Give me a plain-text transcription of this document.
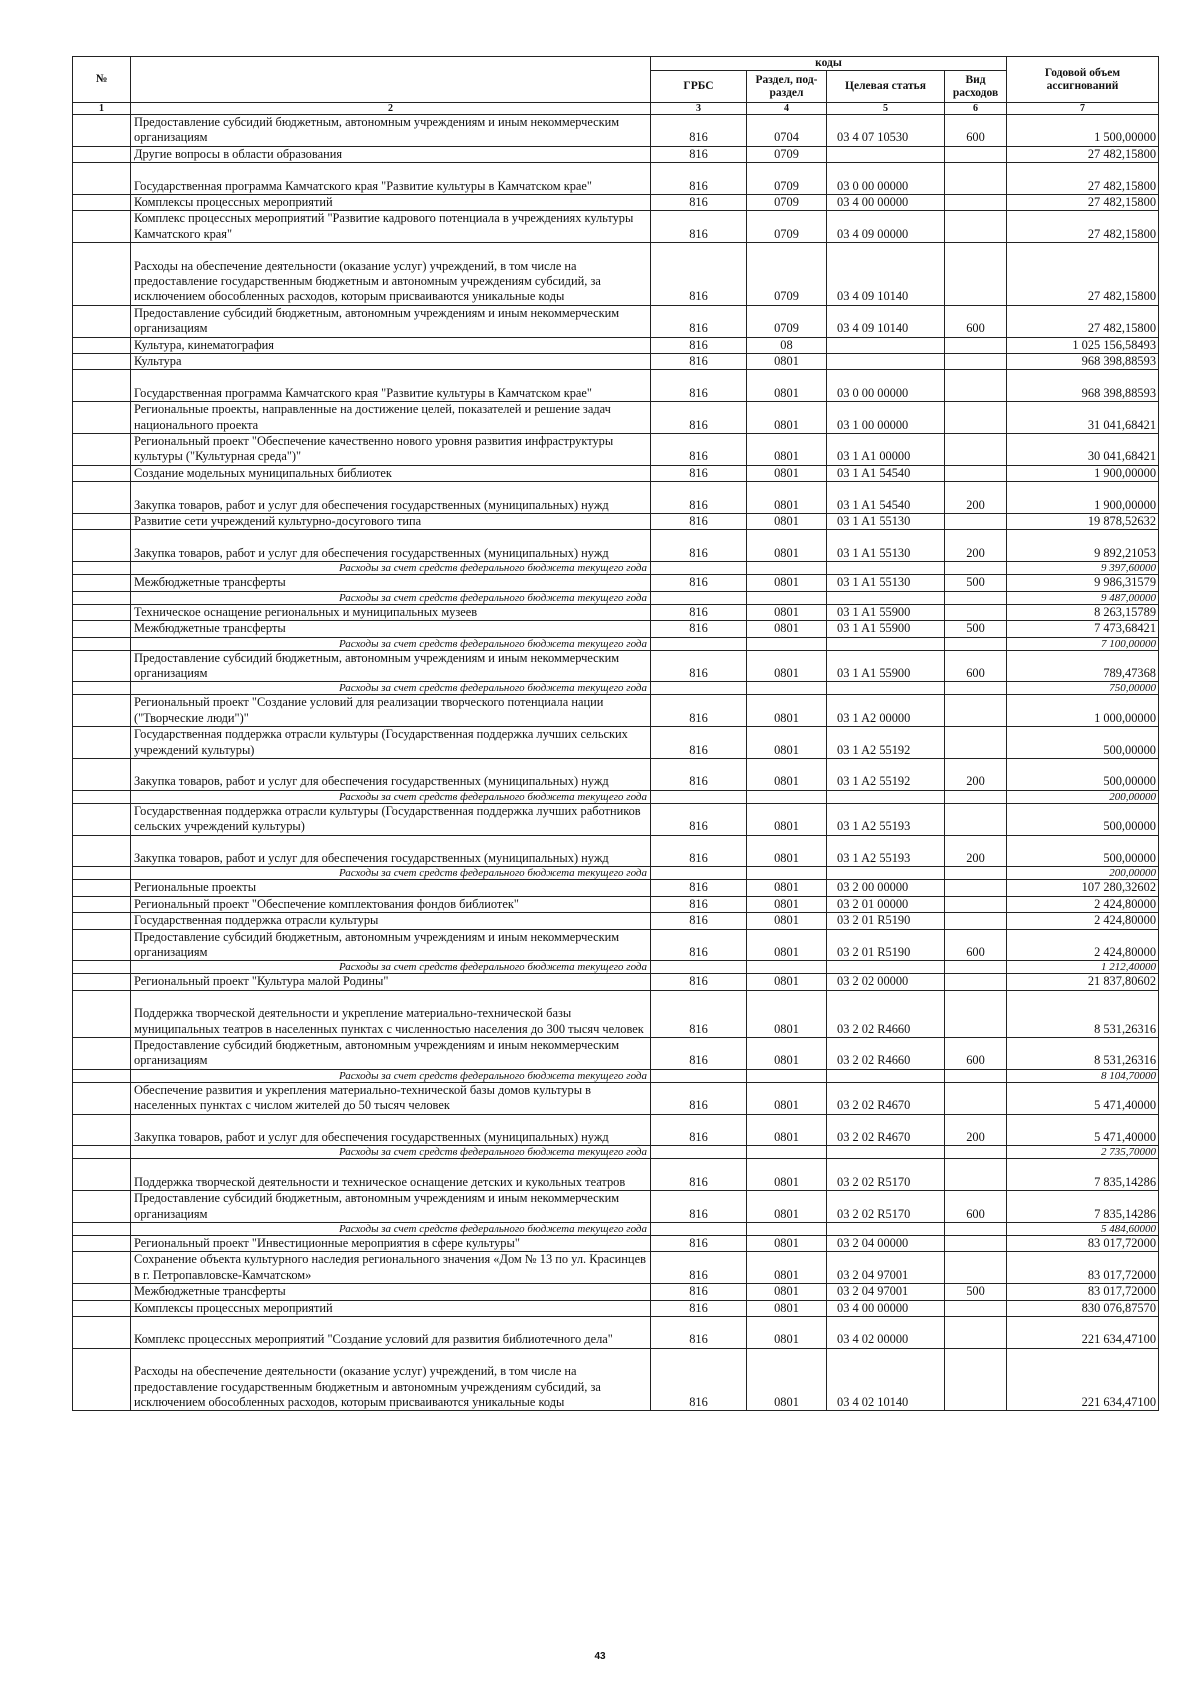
№		коды				Годовой объем ассигнований
		ГРБС	Раздел, под-раздел	Целевая статья	Вид расходов	
1	2	3	4	5	6	7
	Предоставление субсидий бюджетным, автономным учреждениям и иным некоммерческим организациям	816	0704	03 4 07 10530	600	1 500,00000
	Другие вопросы в области образования	816	0709			27 482,15800
	Государственная программа Камчатского края "Развитие культуры в Камчатском крае"	816	0709	03 0 00 00000		27 482,15800
	Комплексы процессных мероприятий	816	0709	03 4 00 00000		27 482,15800
	Комплекс процессных мероприятий "Развитие кадрового потенциала в учреждениях культуры Камчатского края"	816	0709	03 4 09 00000		27 482,15800
	Расходы на обеспечение деятельности (оказание услуг) учреждений, в том числе на предоставление государственным бюджетным и автономным учреждениям субсидий, за исключением обособленных расходов, которым присваиваются уникальные коды	816	0709	03 4 09 10140		27 482,15800
	Предоставление субсидий бюджетным, автономным учреждениям и иным некоммерческим организациям	816	0709	03 4 09 10140	600	27 482,15800
	Культура, кинематография	816	08			1 025 156,58493
	Культура	816	0801			968 398,88593
	Государственная программа Камчатского края "Развитие культуры в Камчатском крае"	816	0801	03 0 00 00000		968 398,88593
	Региональные проекты, направленные на достижение целей, показателей и решение задач национального проекта	816	0801	03 1 00 00000		31 041,68421
	Региональный проект "Обеспечение качественно нового уровня развития инфраструктуры культуры ("Культурная среда")"	816	0801	03 1 A1 00000		30 041,68421
	Создание модельных муниципальных библиотек	816	0801	03 1 A1 54540		1 900,00000
	Закупка товаров, работ и услуг для обеспечения государственных (муниципальных) нужд	816	0801	03 1 A1 54540	200	1 900,00000
	Развитие сети учреждений культурно-досугового типа	816	0801	03 1 A1 55130		19 878,52632
	Закупка товаров, работ и услуг для обеспечения государственных (муниципальных) нужд	816	0801	03 1 A1 55130	200	9 892,21053
	Расходы за счет средств федерального бюджета текущего года					9 397,60000
	Межбюджетные трансферты	816	0801	03 1 A1 55130	500	9 986,31579
	Расходы за счет средств федерального бюджета текущего года					9 487,00000
	Техническое оснащение региональных и муниципальных музеев	816	0801	03 1 A1 55900		8 263,15789
	Межбюджетные трансферты	816	0801	03 1 A1 55900	500	7 473,68421
	Расходы за счет средств федерального бюджета текущего года					7 100,00000
	Предоставление субсидий бюджетным, автономным учреждениям и иным некоммерческим организациям	816	0801	03 1 A1 55900	600	789,47368
	Расходы за счет средств федерального бюджета текущего года					750,00000
	Региональный проект "Создание условий для реализации творческого потенциала нации ("Творческие люди")"	816	0801	03 1 A2 00000		1 000,00000
	Государственная поддержка отрасли культуры (Государственная поддержка лучших сельских учреждений культуры)	816	0801	03 1 A2 55192		500,00000
	Закупка товаров, работ и услуг для обеспечения государственных (муниципальных) нужд	816	0801	03 1 A2 55192	200	500,00000
	Расходы за счет средств федерального бюджета текущего года					200,00000
	Государственная поддержка отрасли культуры (Государственная поддержка лучших работников сельских учреждений культуры)	816	0801	03 1 A2 55193		500,00000
	Закупка товаров, работ и услуг для обеспечения государственных (муниципальных) нужд	816	0801	03 1 A2 55193	200	500,00000
	Расходы за счет средств федерального бюджета текущего года					200,00000
	Региональные проекты	816	0801	03 2 00 00000		107 280,32602
	Региональный проект "Обеспечение комплектования фондов библиотек"	816	0801	03 2 01 00000		2 424,80000
	Государственная поддержка отрасли культуры	816	0801	03 2 01 R5190		2 424,80000
	Предоставление субсидий бюджетным, автономным учреждениям и иным некоммерческим организациям	816	0801	03 2 01 R5190	600	2 424,80000
	Расходы за счет средств федерального бюджета текущего года					1 212,40000
	Региональный проект "Культура малой Родины"	816	0801	03 2 02 00000		21 837,80602
	Поддержка творческой деятельности и укрепление материально-технической базы муниципальных театров в населенных пунктах с численностью населения до 300 тысяч человек	816	0801	03 2 02 R4660		8 531,26316
	Предоставление субсидий бюджетным, автономным учреждениям и иным некоммерческим организациям	816	0801	03 2 02 R4660	600	8 531,26316
	Расходы за счет средств федерального бюджета текущего года					8 104,70000
	Обеспечение развития и укрепления материально-технической базы домов культуры в населенных пунктах с числом жителей до 50 тысяч человек	816	0801	03 2 02 R4670		5 471,40000
	Закупка товаров, работ и услуг для обеспечения государственных (муниципальных) нужд	816	0801	03 2 02 R4670	200	5 471,40000
	Расходы за счет средств федерального бюджета текущего года					2 735,70000
	Поддержка творческой деятельности и техническое оснащение детских и кукольных театров	816	0801	03 2 02 R5170		7 835,14286
	Предоставление субсидий бюджетным, автономным учреждениям и иным некоммерческим организациям	816	0801	03 2 02 R5170	600	7 835,14286
	Расходы за счет средств федерального бюджета текущего года					5 484,60000
	Региональный проект "Инвестиционные мероприятия в сфере культуры"	816	0801	03 2 04 00000		83 017,72000
	Сохранение объекта культурного наследия регионального значения «Дом № 13 по ул. Красинцев в г. Петропавловске-Камчатском»	816	0801	03 2 04 97001		83 017,72000
	Межбюджетные трансферты	816	0801	03 2 04 97001	500	83 017,72000
	Комплексы процессных мероприятий	816	0801	03 4 00 00000		830 076,87570
	Комплекс процессных мероприятий "Создание условий для развития библиотечного дела"	816	0801	03 4 02 00000		221 634,47100
	Расходы на обеспечение деятельности (оказание услуг) учреждений, в том числе на предоставление государственным бюджетным и автономным учреждениям субсидий, за исключением обособленных расходов, которым присваиваются уникальные коды	816	0801	03 4 02 10140		221 634,47100
43
